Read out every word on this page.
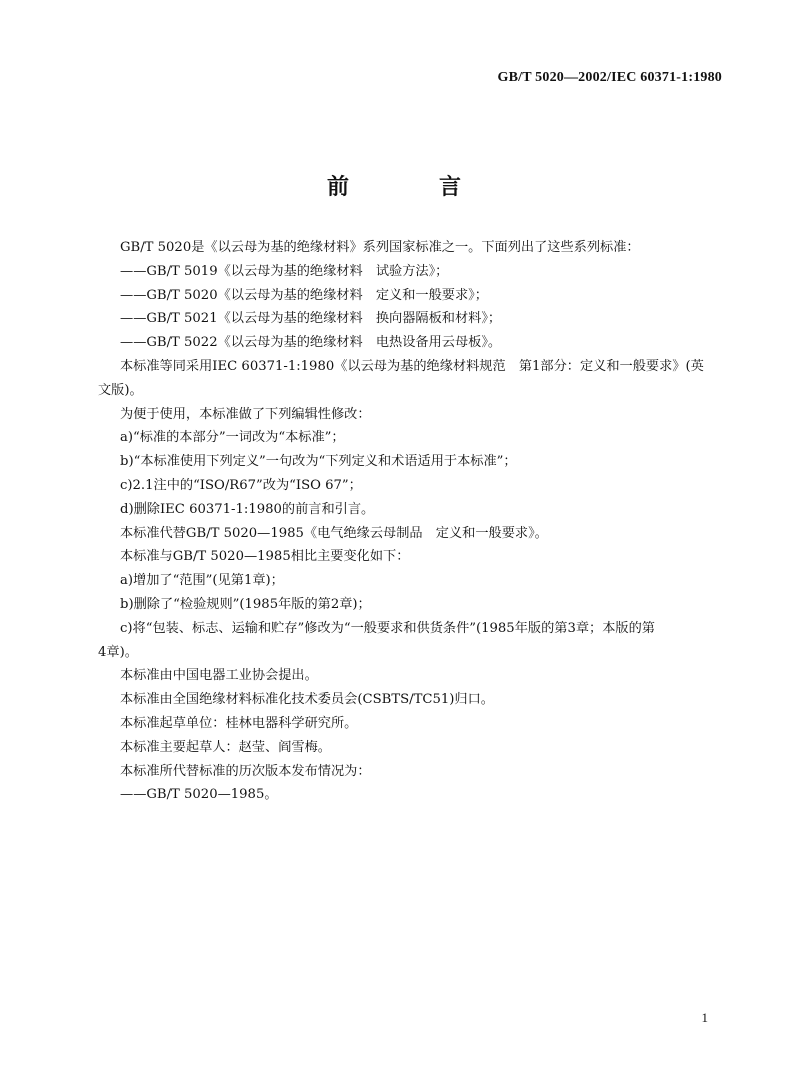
GB/T 5020—2002/IEC 60371-1:1980
前　言

GB/T 5020是《以云母为基的绝缘材料》系列国家标准之一。下面列出了这些系列标准：

——GB/T 5019《以云母为基的绝缘材料　试验方法》；

——GB/T 5020《以云母为基的绝缘材料　定义和一般要求》；

——GB/T 5021《以云母为基的绝缘材料　换向器隔板和材料》；

——GB/T 5022《以云母为基的绝缘材料　电热设备用云母板》。

本标准等同采用IEC 60371-1:1980《以云母为基的绝缘材料规范　第1部分：定义和一般要求》(英

文版)。

为便于使用，本标准做了下列编辑性修改：

a)“标准的本部分”一词改为“本标准”；

b)“本标准使用下列定义”一句改为“下列定义和术语适用于本标准”；

c)2.1注中的“ISO/R67”改为“ISO 67”；

d)删除IEC 60371-1:1980的前言和引言。

本标准代替GB/T 5020—1985《电气绝缘云母制品　定义和一般要求》。

本标准与GB/T 5020—1985相比主要变化如下：

a)增加了“范围”(见第1章)；

b)删除了“检验规则”(1985年版的第2章)；

c)将“包装、标志、运输和贮存”修改为“一般要求和供货条件”(1985年版的第3章；本版的第

4章)。

本标准由中国电器工业协会提出。

本标准由全国绝缘材料标准化技术委员会(CSBTS/TC51)归口。

本标准起草单位：桂林电器科学研究所。

本标准主要起草人：赵莹、阎雪梅。

本标准所代替标准的历次版本发布情况为：

——GB/T 5020—1985。

1
